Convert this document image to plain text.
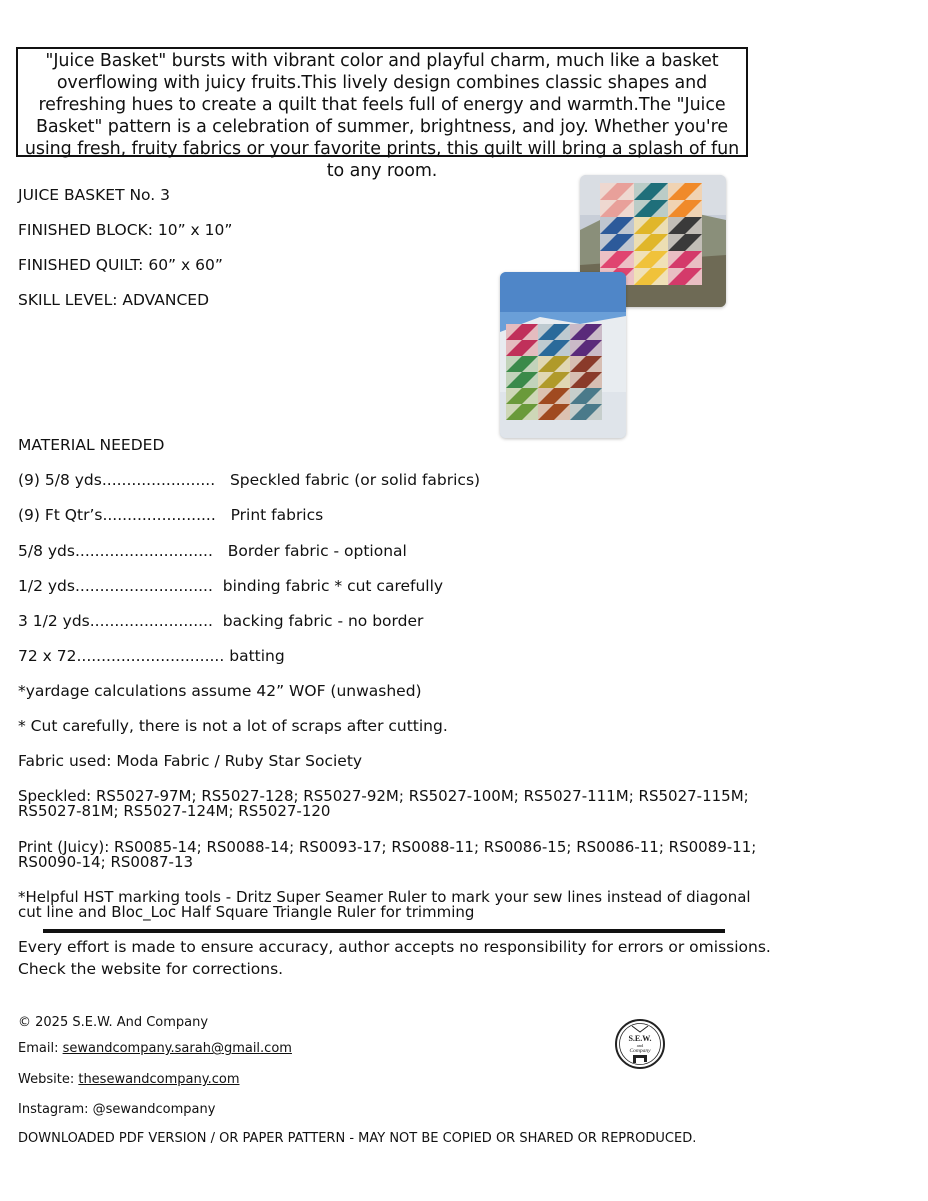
"Juice Basket" bursts with vibrant color and playful charm, much like a basket overflowing with juicy fruits.This lively design combines classic shapes and refreshing hues to create a quilt that feels full of energy and warmth.The "Juice Basket" pattern is a celebration of summer, brightness, and joy. Whether you're using fresh, fruity fabrics or your favorite prints, this quilt will bring a splash of fun to any room.
JUICE BASKET No. 3
FINISHED BLOCK: 10” x 10”
FINISHED QUILT: 60” x 60”
SKILL LEVEL: ADVANCED
MATERIAL NEEDED
(9) 5/8 yds....................... Speckled fabric (or solid fabrics)
(9) Ft Qtr’s....................... Print fabrics
5/8 yds............................ Border fabric - optional
1/2 yds............................ binding fabric * cut carefully
3 1/2 yds......................... backing fabric - no border
72 x 72.............................. batting
*yardage calculations assume 42” WOF (unwashed)
* Cut carefully, there is not a lot of scraps after cutting.
Fabric used: Moda Fabric / Ruby Star Society
Speckled: RS5027-97M; RS5027-128; RS5027-92M; RS5027-100M; RS5027-111M; RS5027-115M; RS5027-81M; RS5027-124M; RS5027-120
Print (Juicy): RS0085-14; RS0088-14; RS0093-17; RS0088-11; RS0086-15; RS0086-11; RS0089-11; RS0090-14; RS0087-13
*Helpful HST marking tools - Dritz Super Seamer Ruler to mark your sew lines instead of diagonal cut line and Bloc_Loc Half Square Triangle Ruler for trimming
Every effort is made to ensure accuracy, author accepts no responsibility for errors or omissions.
Check the website for corrections.
© 2025 S.E.W. And Company
Email: sewandcompany.sarah@gmail.com
Website: thesewandcompany.com
Instagram: @sewandcompany
DOWNLOADED PDF VERSION / OR PAPER PATTERN - MAY NOT BE COPIED OR SHARED OR REPRODUCED.
S.E.W.
and
Company
